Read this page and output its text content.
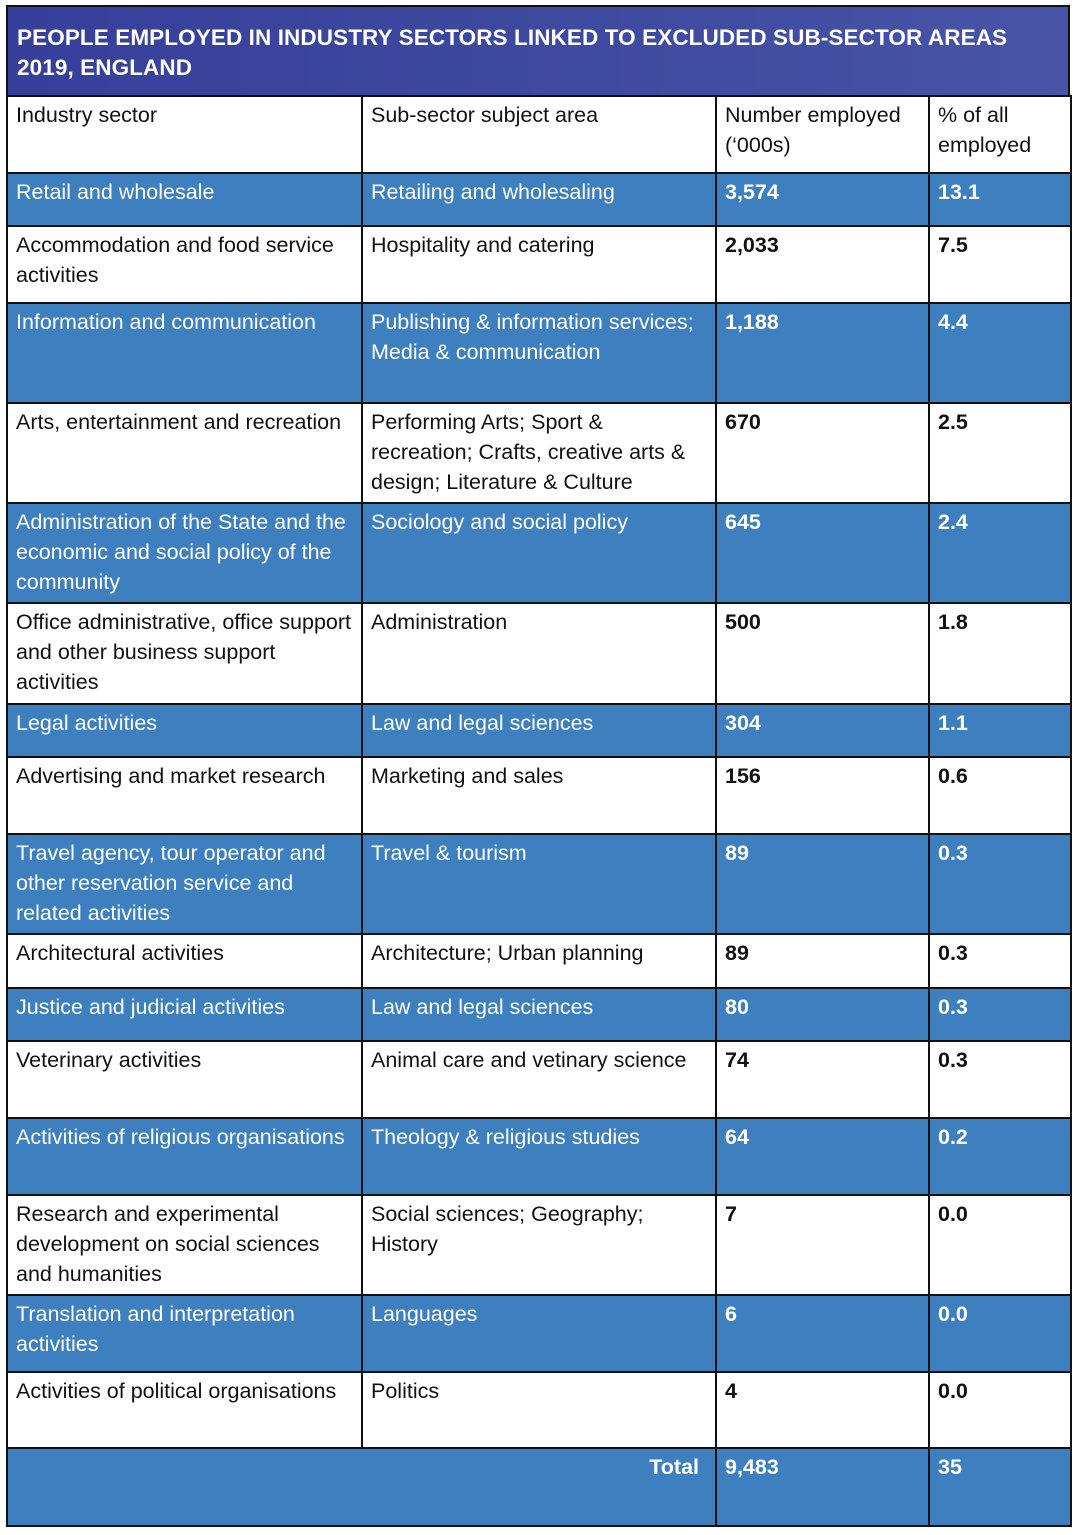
PEOPLE EMPLOYED IN INDUSTRY SECTORS LINKED TO EXCLUDED SUB-SECTOR AREAS 2019, ENGLAND
Industry sector	Sub-sector subject area	Number employed (‘000s)	% of all employed
Retail and wholesale	Retailing and wholesaling	3,574	13.1
Accommodation and food service activities	Hospitality and catering	2,033	7.5
Information and communication	Publishing & information services; Media & communication	1,188	4.4
Arts, entertainment and recreation	Performing Arts; Sport & recreation; Crafts, creative arts & design; Literature & Culture	670	2.5
Administration of the State and the economic and social policy of the community	Sociology and social policy	645	2.4
Office administrative, office support and other business support activities	Administration	500	1.8
Legal activities	Law and legal sciences	304	1.1
Advertising and market research	Marketing and sales	156	0.6
Travel agency, tour operator and other reservation service and related activities	Travel & tourism	89	0.3
Architectural activities	Architecture; Urban planning	89	0.3
Justice and judicial activities	Law and legal sciences	80	0.3
Veterinary activities	Animal care and vetinary science	74	0.3
Activities of religious organisations	Theology & religious studies	64	0.2
Research and experimental development on social sciences and humanities	Social sciences; Geography; History	7	0.0
Translation and interpretation activities	Languages	6	0.0
Activities of political organisations	Politics	4	0.0
Total		9,483	35
